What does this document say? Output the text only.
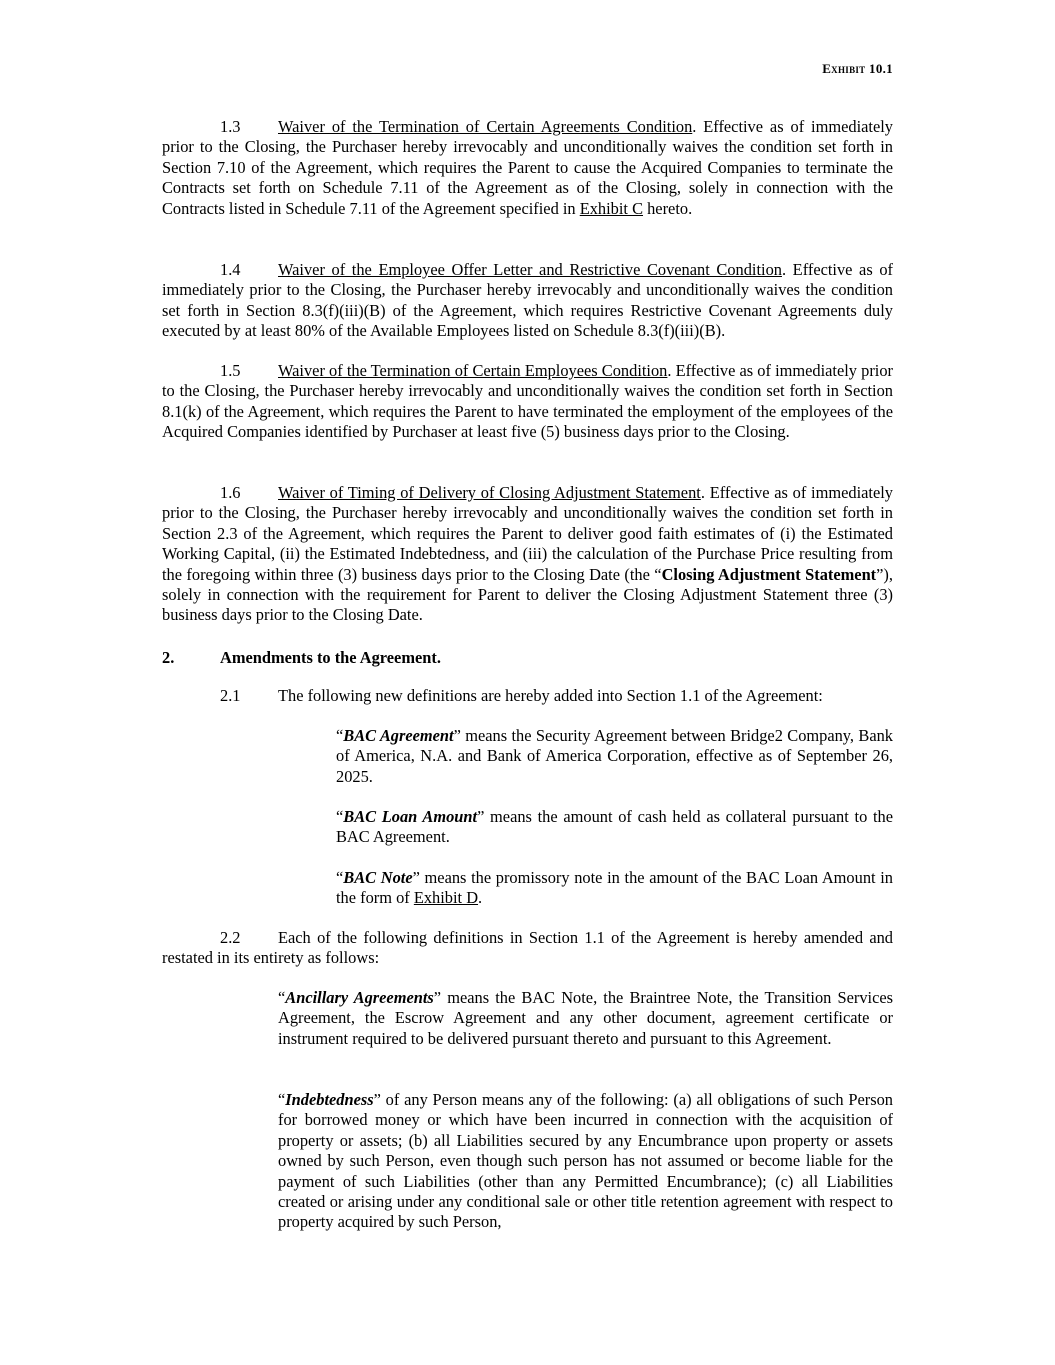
Exhibit 10.1

1.3 Waiver of the Termination of Certain Agreements Condition. Effective as of immediately prior to the Closing, the Purchaser hereby irrevocably and unconditionally waives the condition set forth in Section 7.10 of the Agreement, which requires the Parent to cause the Acquired Companies to terminate the Contracts set forth on Schedule 7.11 of the Agreement as of the Closing, solely in connection with the Contracts listed in Schedule 7.11 of the Agreement specified in Exhibit C hereto.

1.4 Waiver of the Employee Offer Letter and Restrictive Covenant Condition. Effective as of immediately prior to the Closing, the Purchaser hereby irrevocably and unconditionally waives the condition set forth in Section 8.3(f)(iii)(B) of the Agreement, which requires Restrictive Covenant Agreements duly executed by at least 80% of the Available Employees listed on Schedule 8.3(f)(iii)(B).

1.5 Waiver of the Termination of Certain Employees Condition. Effective as of immediately prior to the Closing, the Purchaser hereby irrevocably and unconditionally waives the condition set forth in Section 8.1(k) of the Agreement, which requires the Parent to have terminated the employment of the employees of the Acquired Companies identified by Purchaser at least five (5) business days prior to the Closing.

1.6 Waiver of Timing of Delivery of Closing Adjustment Statement. Effective as of immediately prior to the Closing, the Purchaser hereby irrevocably and unconditionally waives the condition set forth in Section 2.3 of the Agreement, which requires the Parent to deliver good faith estimates of (i) the Estimated Working Capital, (ii) the Estimated Indebtedness, and (iii) the calculation of the Purchase Price resulting from the foregoing within three (3) business days prior to the Closing Date (the “Closing Adjustment Statement”), solely in connection with the requirement for Parent to deliver the Closing Adjustment Statement three (3) business days prior to the Closing Date.

2.	Amendments to the Agreement.

2.1 The following new definitions are hereby added into Section 1.1 of the Agreement:

“BAC Agreement” means the Security Agreement between Bridge2 Company, Bank of America, N.A. and Bank of America Corporation, effective as of September 26, 2025.

“BAC Loan Amount” means the amount of cash held as collateral pursuant to the BAC Agreement.

“BAC Note” means the promissory note in the amount of the BAC Loan Amount in the form of Exhibit D.

2.2 Each of the following definitions in Section 1.1 of the Agreement is hereby amended and restated in its entirety as follows:

“Ancillary Agreements” means the BAC Note, the Braintree Note, the Transition Services Agreement, the Escrow Agreement and any other document, agreement certificate or instrument required to be delivered pursuant thereto and pursuant to this Agreement.

“Indebtedness” of any Person means any of the following: (a) all obligations of such Person for borrowed money or which have been incurred in connection with the acquisition of property or assets; (b) all Liabilities secured by any Encumbrance upon property or assets owned by such Person, even though such person has not assumed or become liable for the payment of such Liabilities (other than any Permitted Encumbrance); (c) all Liabilities created or arising under any conditional sale or other title retention agreement with respect to property acquired by such Person,
